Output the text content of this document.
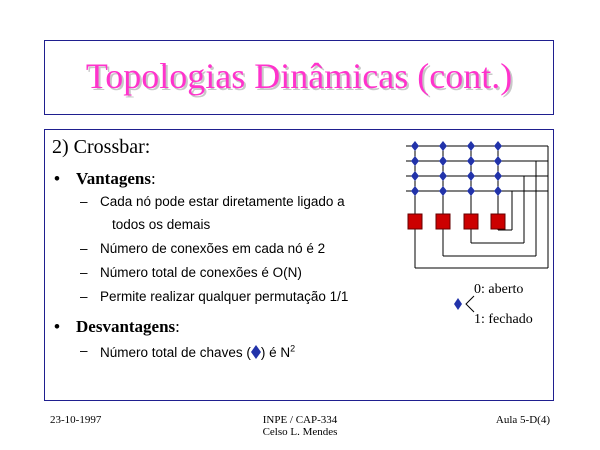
Topologias Dinâmicas (cont.)
2) Crossbar:
• Vantagens:
– Cada nó pode estar diretamente ligado a
todos os demais
– Número de conexões em cada nó é 2
– Número total de conexões é O(N)
– Permite realizar qualquer permutação 1/1
• Desvantagens:
– Número total de chaves ( ) é $N^2$
0: aberto
1: fechado
23-10-1997	INPE / CAP-334
Celso L. Mendes
Aula 5-D(4)
